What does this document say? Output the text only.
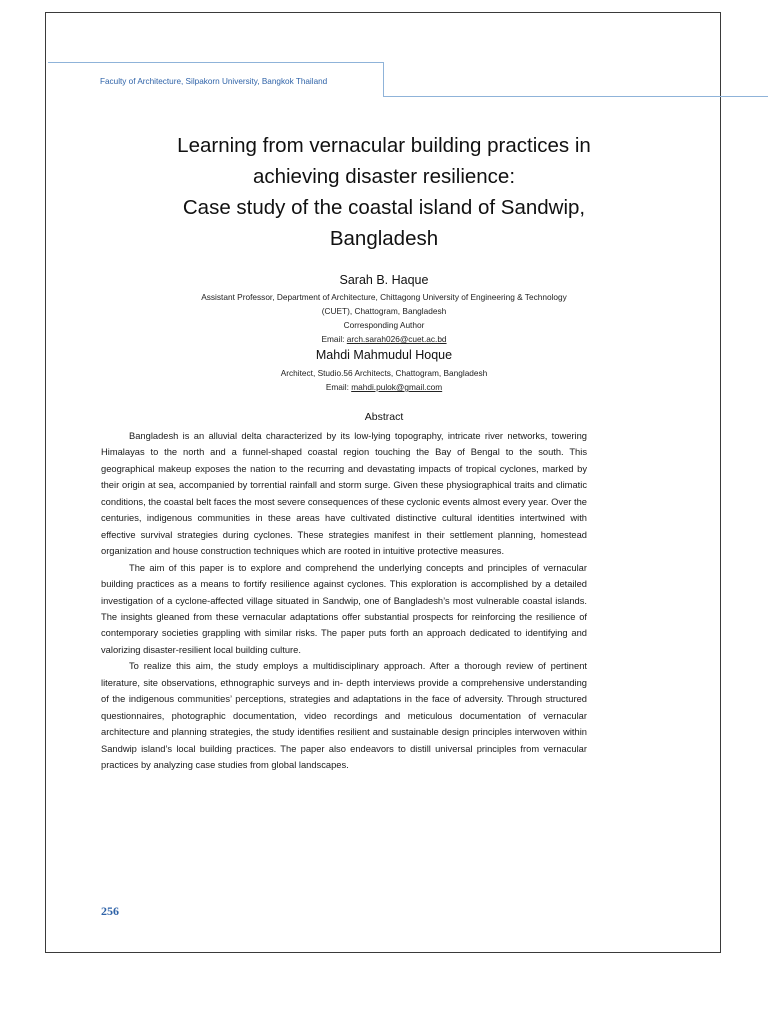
Faculty of Architecture, Silpakorn University, Bangkok Thailand
Learning from vernacular building practices in
achieving disaster resilience:
Case study of the coastal island of Sandwip,
Bangladesh
Sarah B. Haque
Assistant Professor, Department of Architecture, Chittagong University of Engineering & Technology
(CUET), Chattogram, Bangladesh
Corresponding Author
Email: arch.sarah026@cuet.ac.bd
Mahdi Mahmudul Hoque
Architect, Studio.56 Architects, Chattogram, Bangladesh
Email: mahdi.pulok@gmail.com
Abstract

Bangladesh is an alluvial delta characterized by its low-lying topography, intricate river networks, towering Himalayas to the north and a funnel-shaped coastal region touching the Bay of Bengal to the south. This geographical makeup exposes the nation to the recurring and devastating impacts of tropical cyclones, marked by their origin at sea, accompanied by torrential rainfall and storm surge. Given these physiographical traits and climatic conditions, the coastal belt faces the most severe consequences of these cyclonic events almost every year. Over the centuries, indigenous communities in these areas have cultivated distinctive cultural identities intertwined with effective survival strategies during cyclones. These strategies manifest in their settlement planning, homestead organization and house construction techniques which are rooted in intuitive protective measures.

The aim of this paper is to explore and comprehend the underlying concepts and principles of vernacular building practices as a means to fortify resilience against cyclones. This exploration is accomplished by a detailed investigation of a cyclone-affected village situated in Sandwip, one of Bangladesh’s most vulnerable coastal islands. The insights gleaned from these vernacular adaptations offer substantial prospects for reinforcing the resilience of contemporary societies grappling with similar risks. The paper puts forth an approach dedicated to identifying and valorizing disaster-resilient local building culture.

To realize this aim, the study employs a multidisciplinary approach. After a thorough review of pertinent literature, site observations, ethnographic surveys and in- depth interviews provide a comprehensive understanding of the indigenous communities’ perceptions, strategies and adaptations in the face of adversity. Through structured questionnaires, photographic documentation, video recordings and meticulous documentation of vernacular architecture and planning strategies, the study identifies resilient and sustainable design principles interwoven within Sandwip island’s local building practices. The paper also endeavors to distill universal principles from vernacular practices by analyzing case studies from global landscapes.

256
